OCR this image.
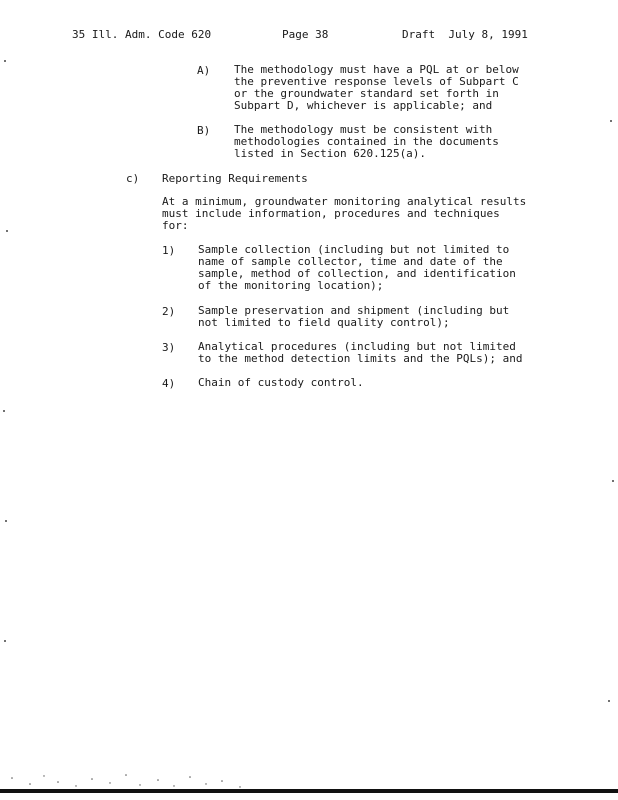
35 Ill. Adm. Code 620	Page 38	Draft  July 8, 1991
A) The methodology must have a PQL at or below
the preventive response levels of Subpart C
or the groundwater standard set forth in
Subpart D, whichever is applicable; and
B) The methodology must be consistent with
methodologies contained in the documents
listed in Section 620.125(a).
c) Reporting Requirements
At a minimum, groundwater monitoring analytical results
must include information, procedures and techniques
for:
1) Sample collection (including but not limited to
name of sample collector, time and date of the
sample, method of collection, and identification
of the monitoring location);
2) Sample preservation and shipment (including but
not limited to field quality control);
3) Analytical procedures (including but not limited
to the method detection limits and the PQLs); and
4) Chain of custody control.
